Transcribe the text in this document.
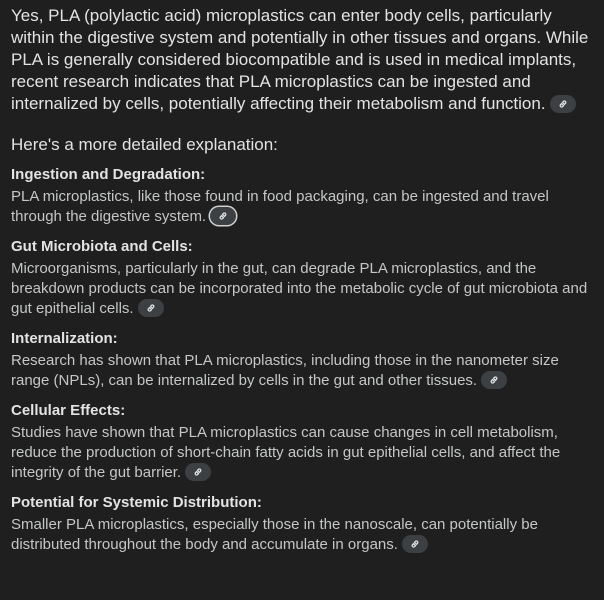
Yes, PLA (polylactic acid) microplastics can enter body cells, particularly within the digestive system and potentially in other tissues and organs. While PLA is generally considered biocompatible and is used in medical implants, recent research indicates that PLA microplastics can be ingested and internalized by cells, potentially affecting their metabolism and function.

Here's a more detailed explanation:

Ingestion and Degradation:

PLA microplastics, like those found in food packaging, can be ingested and travel through the digestive system.

Gut Microbiota and Cells:

Microorganisms, particularly in the gut, can degrade PLA microplastics, and the breakdown products can be incorporated into the metabolic cycle of gut microbiota and gut epithelial cells.

Internalization:

Research has shown that PLA microplastics, including those in the nanometer size range (NPLs), can be internalized by cells in the gut and other tissues.

Cellular Effects:

Studies have shown that PLA microplastics can cause changes in cell metabolism, reduce the production of short-chain fatty acids in gut epithelial cells, and affect the integrity of the gut barrier.

Potential for Systemic Distribution:

Smaller PLA microplastics, especially those in the nanoscale, can potentially be distributed throughout the body and accumulate in organs.
